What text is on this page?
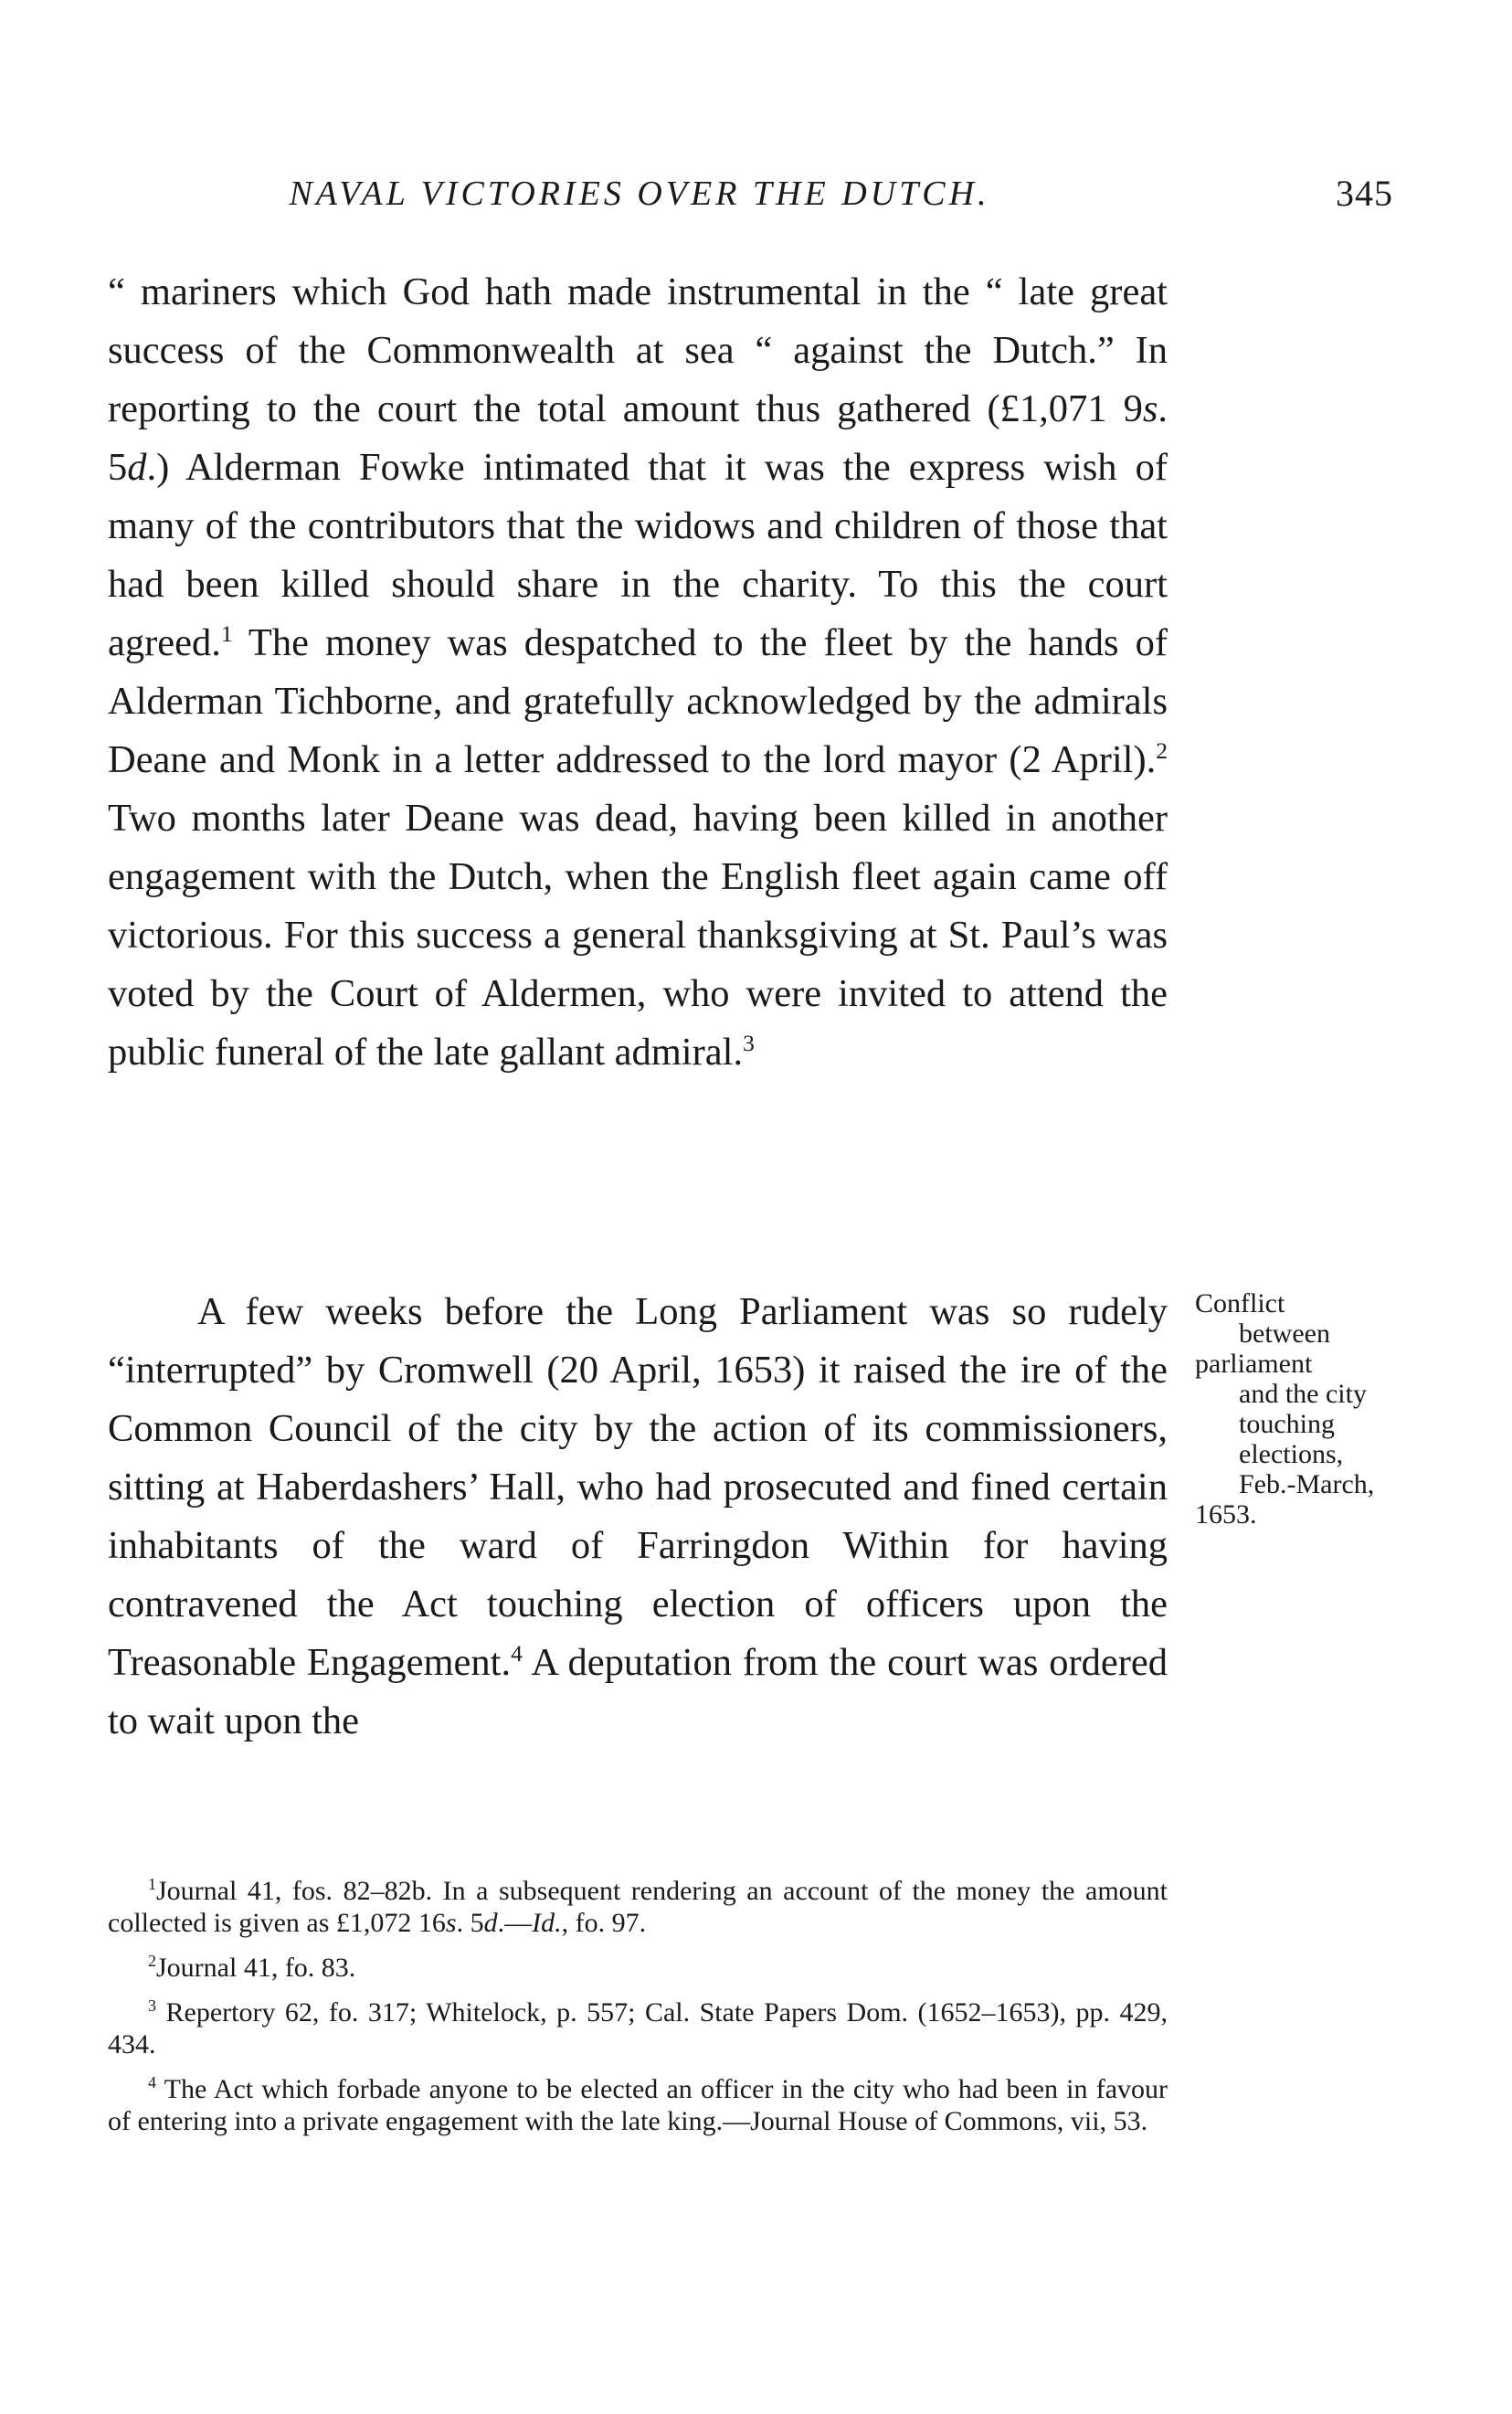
NAVAL VICTORIES OVER THE DUTCH.	345

“ mariners which God hath made instrumental in the “ late great success of the Commonwealth at sea “ against the Dutch.” In reporting to the court the total amount thus gathered (£1,071 9s. 5d.) Alderman Fowke intimated that it was the express wish of many of the contributors that the widows and children of those that had been killed should share in the charity. To this the court agreed.$^1$ The money was despatched to the fleet by the hands of Alderman Tichborne, and gratefully acknowledged by the admirals Deane and Monk in a letter addressed to the lord mayor (2 April).$^2$ Two months later Deane was dead, having been killed in another engagement with the Dutch, when the English fleet again came off victorious. For this success a general thanksgiving at St. Paul’s was voted by the Court of Aldermen, who were invited to attend the public funeral of the late gallant admiral.$^3$

A few weeks before the Long Parliament was so rudely “interrupted” by Cromwell (20 April, 1653) it raised the ire of the Common Council of the city by the action of its commissioners, sitting at Haberdashers’ Hall, who had prosecuted and fined certain inhabitants of the ward of Farringdon Within for having contravened the Act touching election of officers upon the Treasonable Engagement.$^4$ A deputation from the court was ordered to wait upon the

Conflict
between
parliament
and the city
touching
elections,
Feb.-March,
1653.

$^1$Journal 41, fos. 82–82b. In a subsequent rendering an account of the money the amount collected is given as £1,072 16s. 5d.—Id., fo. 97.

$^2$Journal 41, fo. 83.

$^3$ Repertory 62, fo. 317; Whitelock, p. 557; Cal. State Papers Dom. (1652–1653), pp. 429, 434.

$^4$ The Act which forbade anyone to be elected an officer in the city who had been in favour of entering into a private engagement with the late king.—Journal House of Commons, vii, 53.
